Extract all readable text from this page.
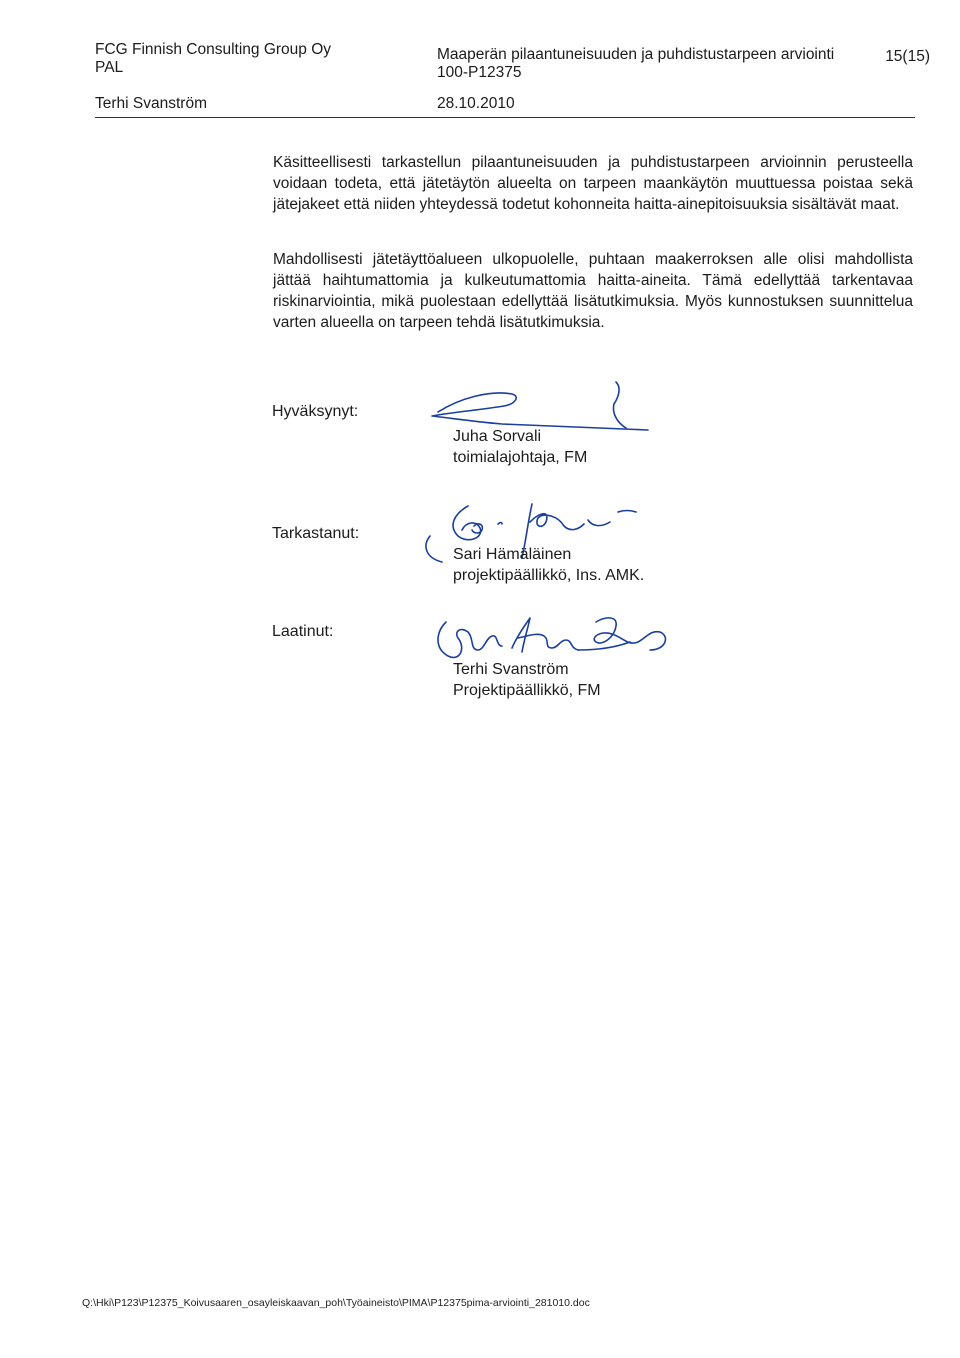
FCG Finnish Consulting Group Oy
PAL
Maaperän pilaantuneisuuden ja puhdistustarpeen arviointi
100-P12375
15(15)
Terhi Svanström	28.10.2010

Käsitteellisesti tarkastellun pilaantuneisuuden ja puhdistustarpeen arvioinnin perusteella voidaan todeta, että jätetäytön alueelta on tarpeen maankäytön muuttuessa poistaa sekä jätejakeet että niiden yhteydessä todetut kohonneita haitta-ainepitoisuuksia sisältävät maat.

Mahdollisesti jätetäyttöalueen ulkopuolelle, puhtaan maakerroksen alle olisi mahdollista jättää haihtumattomia ja kulkeutumattomia haitta-aineita. Tämä edellyttää tarkentavaa riskinarviointia, mikä puolestaan edellyttää lisätutkimuksia. Myös kunnostuksen suunnittelua varten alueella on tarpeen tehdä lisätutkimuksia.

Hyväksynyt:
Juha Sorvali
toimialajohtaja, FM
Tarkastanut:
Sari Hämäläinen
projektipäällikkö, Ins. AMK.
Laatinut:
Terhi Svanström
Projektipäällikkö, FM
Q:\Hki\P123\P12375_Koivusaaren_osayleiskaavan_poh\Työaineisto\PIMA\P12375pima-arviointi_281010.doc
